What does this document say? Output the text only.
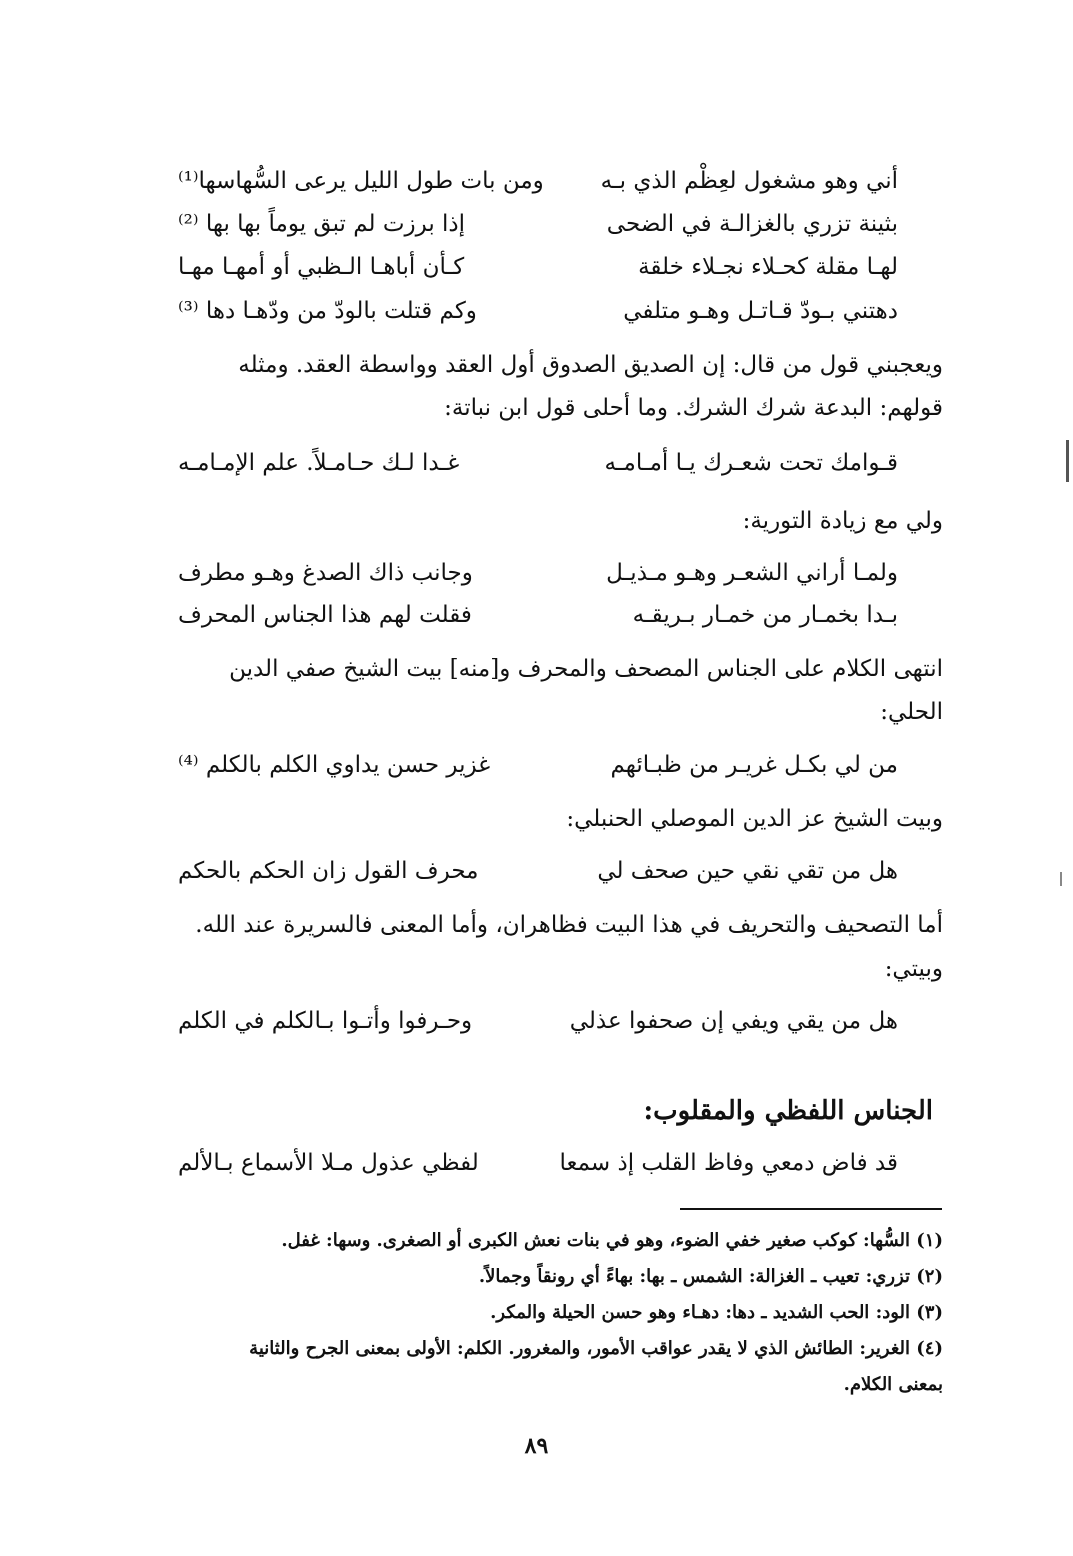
أني وهو مشغول لعِظْم الذي بـه
ومن بات طول الليل يرعى السُّهاسها⁽¹⁾
بثينة تزري بالغزالـة في الضحى
إذا برزت لم تبق يوماً بها بها ⁽²⁾
لهـا مقلة كحـلاء نجـلاء خلقة
كـأن أباهـا الـظبي أو أمهـا مهـا
دهتني بـودّ قـاتـل وهـو متلفي
وكم قتلت بالودّ من ودّهـا دها ⁽³⁾
ويعجبني قول من قال: إن الصديق الصدوق أول العقد وواسطة العقد. ومثله
قولهم: البدعة شرك الشرك. وما أحلى قول ابن نباتة:
قـوامك تحت شعـرك يـا أمـامـه
غـدا لـك حـامـلاً. علم الإمـامـه
ولي مع زيادة التورية:
ولمـا أراني الشعـر وهـو مـذيـل
وجانب ذاك الصدغ وهـو مطرف
بـدا بخمـار من خمـار بـريقـه
فقلت لهم هذا الجناس المحرف
انتهى الكلام على الجناس المصحف والمحرف و[منه] بيت الشيخ صفي الدين
الحلي:
من لي بكـل غريـر من ظبـائهم
غزير حسن يداوي الكلم بالكلم ⁽⁴⁾
وبيت الشيخ عز الدين الموصلي الحنبلي:
هل من تقي نقي حين صحف لي
محرف القول زان الحكم بالحكم
أما التصحيف والتحريف في هذا البيت فظاهران، وأما المعنى فالسريرة عند الله.
وبيتي:
هل من يقي ويفي إن صحفوا عذلي
وحـرفوا وأتـوا بـالكلم في الكلم
الجناس اللفظي والمقلوب:
قد فاض دمعي وفاظ القلب إذ سمعا
لفظي عذول مـلا الأسماع بـالألم
(١) السُّها: كوكب صغير خفي الضوء، وهو في بنات نعش الكبرى أو الصغرى. وسها: غفل.
(٢) تزري: تعيب ـ الغزالة: الشمس ـ بها: بهاءً أي رونقاً وجمالاً.
(٣) الود: الحب الشديد ـ دها: دهـاء وهو حسن الحيلة والمكر.
(٤) الغرير: الطائش الذي لا يقدر عواقب الأمور، والمغرور. الكلم: الأولى بمعنى الجرح والثانية
بمعنى الكلام.
٨٩
